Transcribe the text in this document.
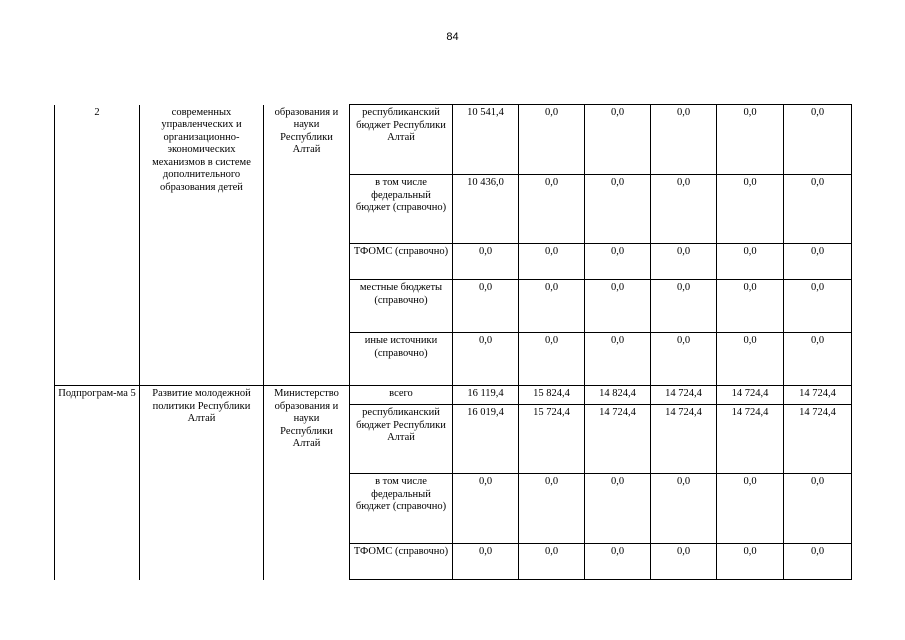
84
2	современных управленческих и организационно-экономических механизмов в системе дополнительного образования детей	образования и науки Республики Алтай	республиканский бюджет Республики Алтай	10 541,4	0,0	0,0	0,0	0,0	0,0
			в том числе федеральный бюджет (справочно)	10 436,0	0,0	0,0	0,0	0,0	0,0
			ТФОМС (справочно)	0,0	0,0	0,0	0,0	0,0	0,0
			местные бюджеты (справочно)	0,0	0,0	0,0	0,0	0,0	0,0
			иные источники (справочно)	0,0	0,0	0,0	0,0	0,0	0,0
Подпрограм-ма 5	Развитие молодежной политики Республики Алтай	Министерство образования и науки Республики Алтай	всего	16 119,4	15 824,4	14 824,4	14 724,4	14 724,4	14 724,4
			республиканский бюджет Республики Алтай	16 019,4	15 724,4	14 724,4	14 724,4	14 724,4	14 724,4
			в том числе федеральный бюджет (справочно)	0,0	0,0	0,0	0,0	0,0	0,0
			ТФОМС (справочно)	0,0	0,0	0,0	0,0	0,0	0,0
